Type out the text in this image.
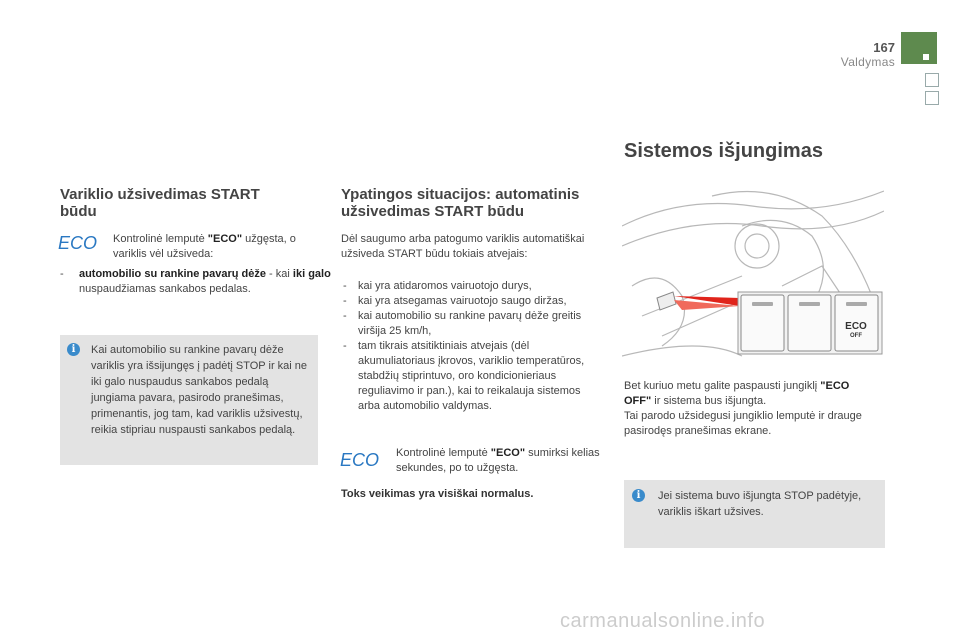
167
Valdymas
Sistemos išjungimas
Variklio užsivedimas START būdu
ECO Kontrolinė lemputė "ECO" užgęsta, o variklis vėl užsiveda:

-     automobilio su rankine pavarų dėže - kai iki galo nuspaudžiamas sankabos pedalas.

i	Kai automobilio su rankine pavarų dėže variklis yra išsijungęs į padėtį STOP ir kai ne iki galo nuspaudus sankabos pedalą jungiama pavara, pasirodo pranešimas, primenantis, jog tam, kad variklis užsivestų, reikia stipriau nuspausti sankabos pedalą.

Ypatingos situacijos: automatinis užsivedimas START būdu

Dėl saugumo arba patogumo variklis automatiškai užsiveda START būdu tokiais atvejais:

- kai yra atidaromos vairuotojo durys,
- kai yra atsegamas vairuotojo saugo diržas,
- kai automobilio su rankine pavarų dėže greitis viršija 25 km/h,
- tam tikrais atsitiktiniais atvejais (dėl akumuliatoriaus įkrovos, variklio temperatūros, stabdžių stiprintuvo, oro kondicionieriaus reguliavimo ir pan.), kai to reikalauja sistemos arba automobilio valdymas.
ECO Kontrolinė lemputė "ECO" sumirksi kelias sekundes, po to užgęsta.

Toks veikimas yra visiškai normalus.

ECO
OFF

Bet kuriuo metu galite paspausti jungiklį "ECO OFF" ir sistema bus išjungta.

Tai parodo užsidegusi jungiklio lemputė ir drauge pasirodęs pranešimas ekrane.

i	Jei sistema buvo išjungta STOP padėtyje, variklis iškart užsives.

carmanualsonline.info
